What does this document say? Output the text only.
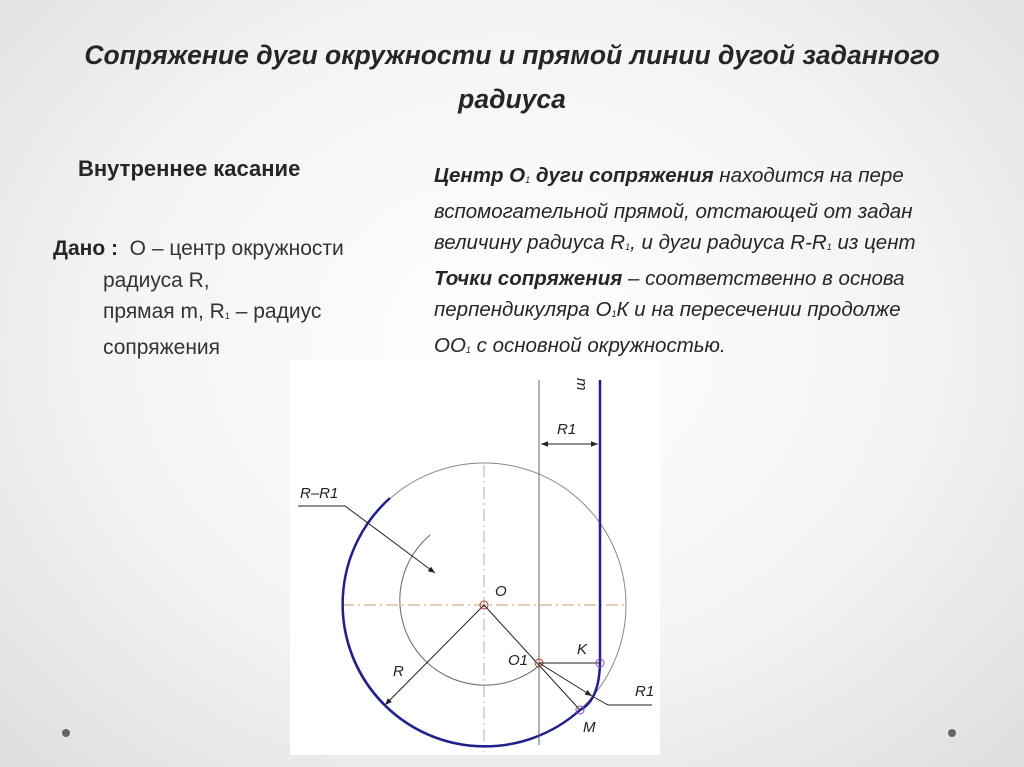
Сопряжение дуги окружности и прямой линии дугой заданного радиуса
Внутреннее касание
Дано : О – центр окружности
радиуса R,
прямая m, $R_1$ – радиус
сопряжения
Центр $О_1$ дуги сопряжения находится на пере
вспомогательной прямой, отстающей от задан
величину радиуса $R_1$, и дуги радиуса $R-R_1$ из цент
Точки сопряжения – соответственно в основа
перпендикуляра $О_1К$ и на пересечении продолже
$ОО_1$ с основной окружностью.
R1
m
R–R1
O
R
O1
K
R1
M
